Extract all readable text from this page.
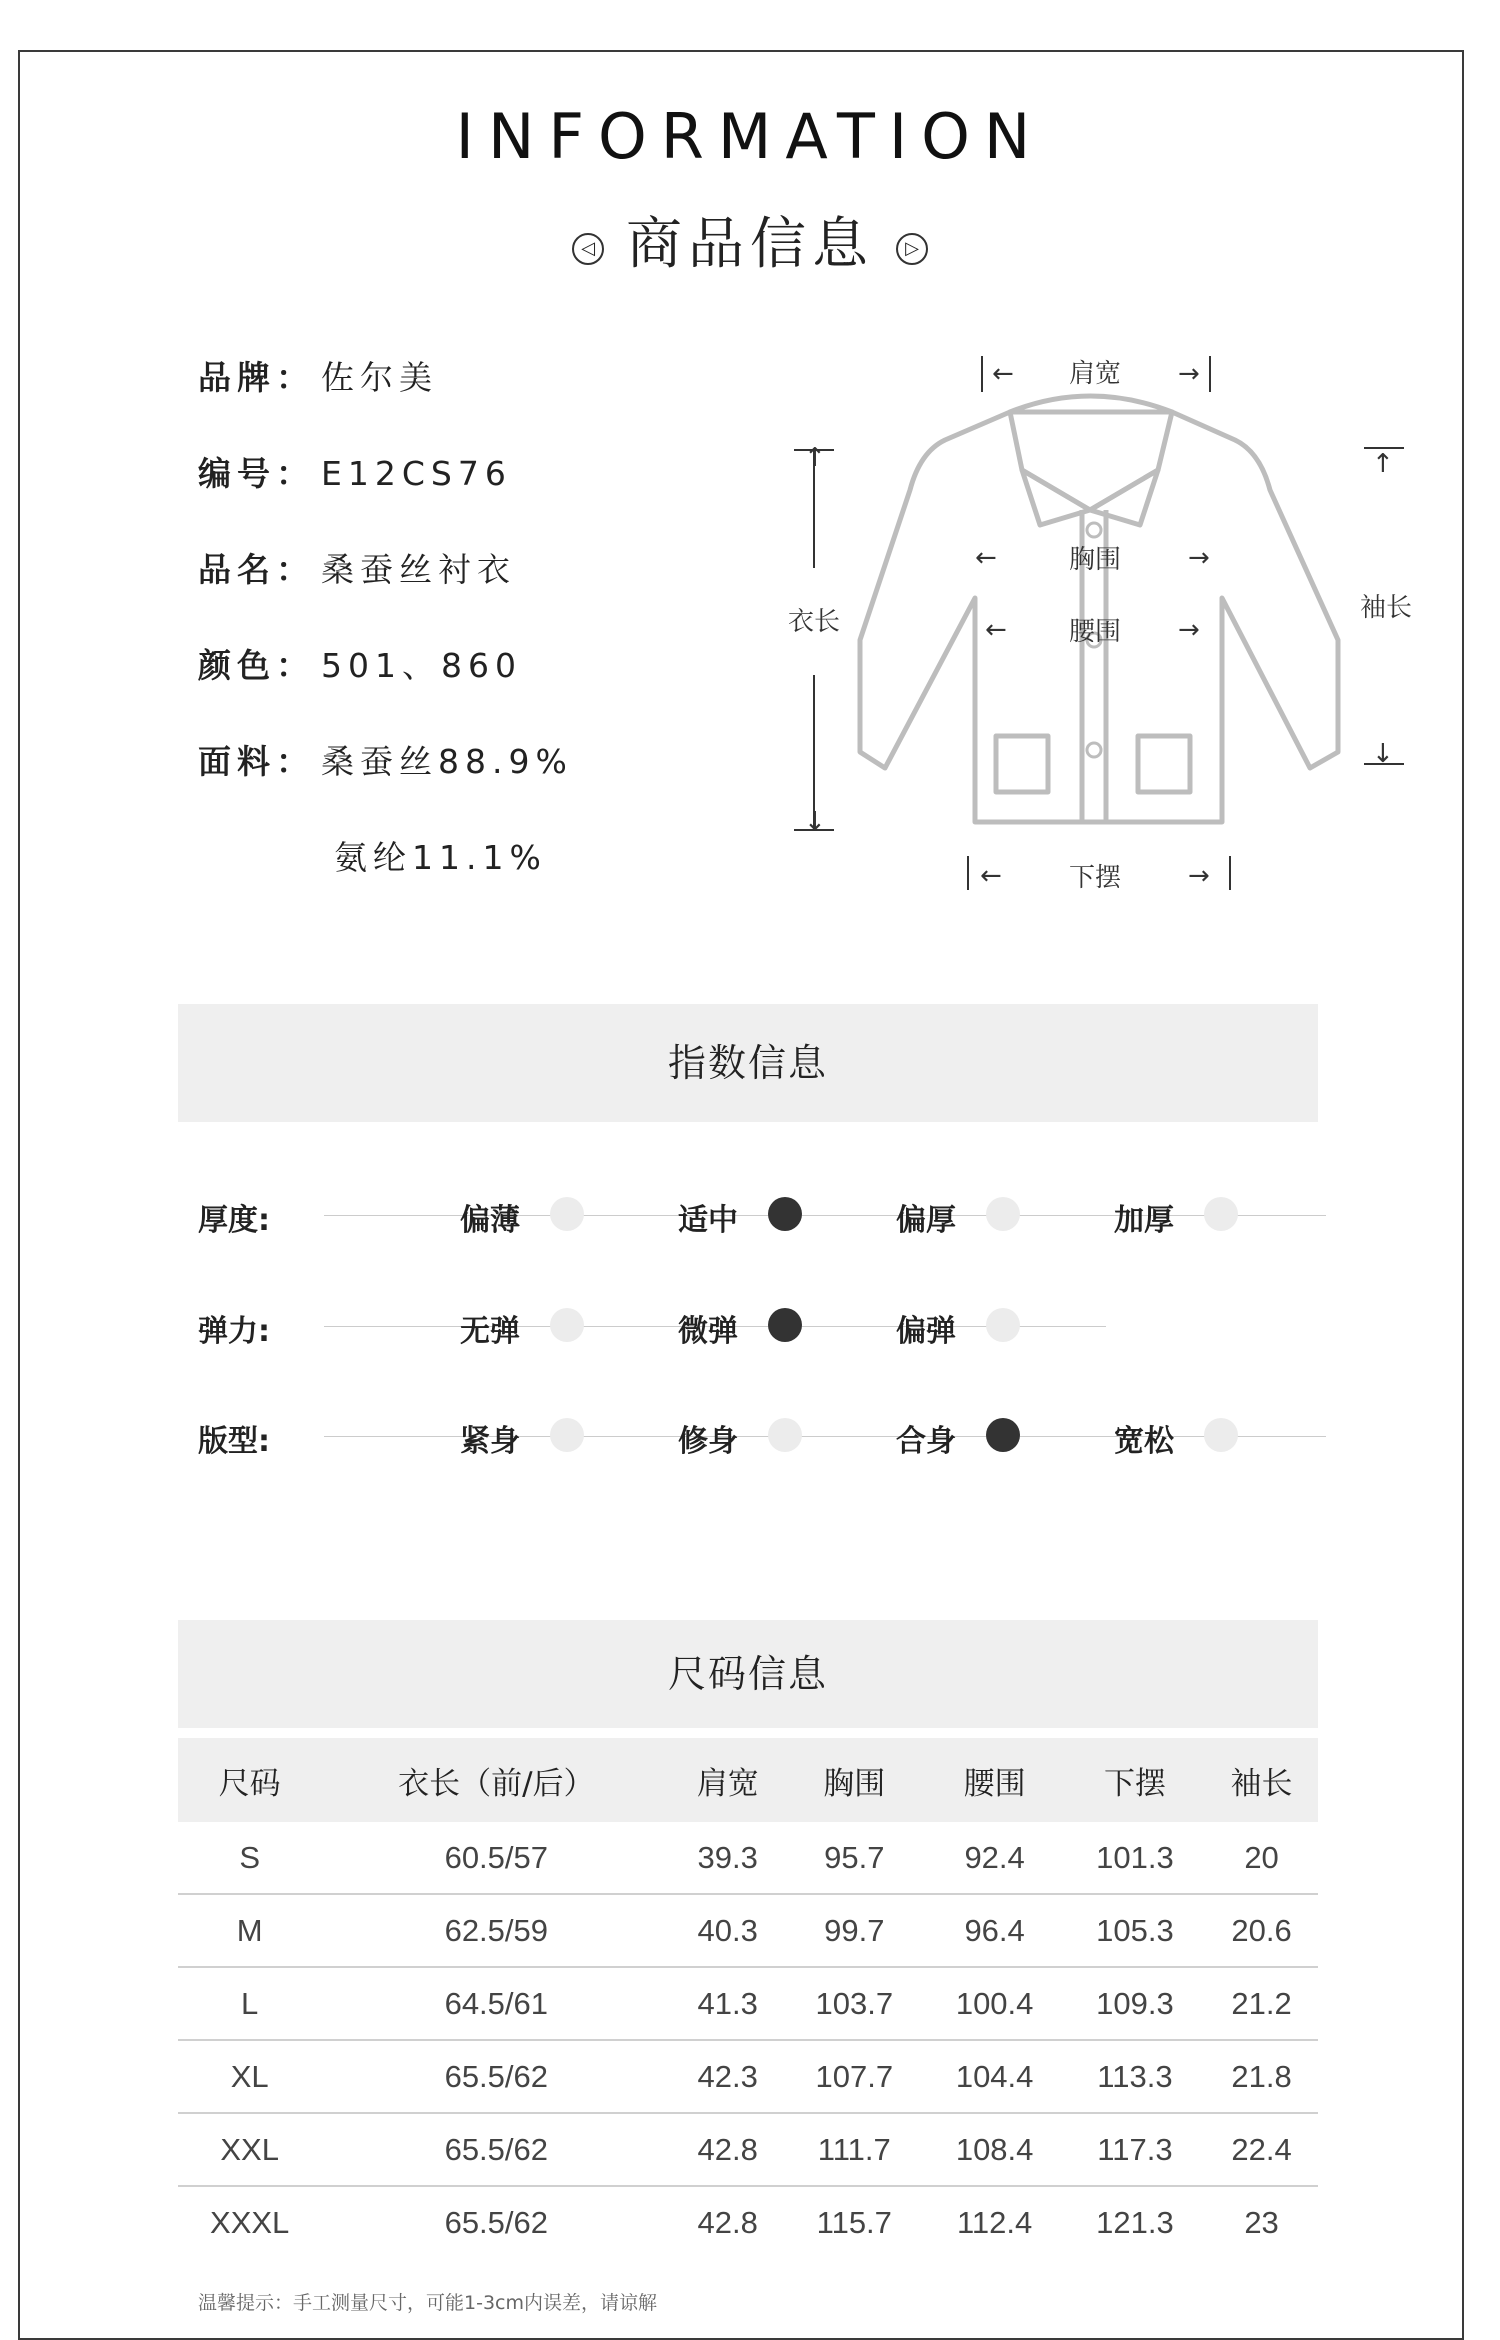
INFORMATION
◁ 商品信息 ▷
品牌： 佐尔美
编号： E12CS76
品名： 桑蚕丝衬衣
颜色： 501、860
面料： 桑蚕丝88.9%
氨纶11.1%
←	→
↑
↓
↑
↓
←	→
←	→
←	→
肩宽
衣长
胸围
腰围
下摆
袖长
指数信息
厚度:	偏薄	适中	偏厚	加厚
弹力:	无弹	微弹	偏弹
版型:	紧身	修身	合身	宽松
尺码信息
尺码	衣长（前/后）	肩宽	胸围	腰围	下摆	袖长
S	60.5/57	39.3	95.7	92.4	101.3	20
M	62.5/59	40.3	99.7	96.4	105.3	20.6
L	64.5/61	41.3	103.7	100.4	109.3	21.2
XL	65.5/62	42.3	107.7	104.4	113.3	21.8
XXL	65.5/62	42.8	111.7	108.4	117.3	22.4
XXXL	65.5/62	42.8	115.7	112.4	121.3	23
温馨提示：手工测量尺寸，可能1-3cm内误差，请谅解
